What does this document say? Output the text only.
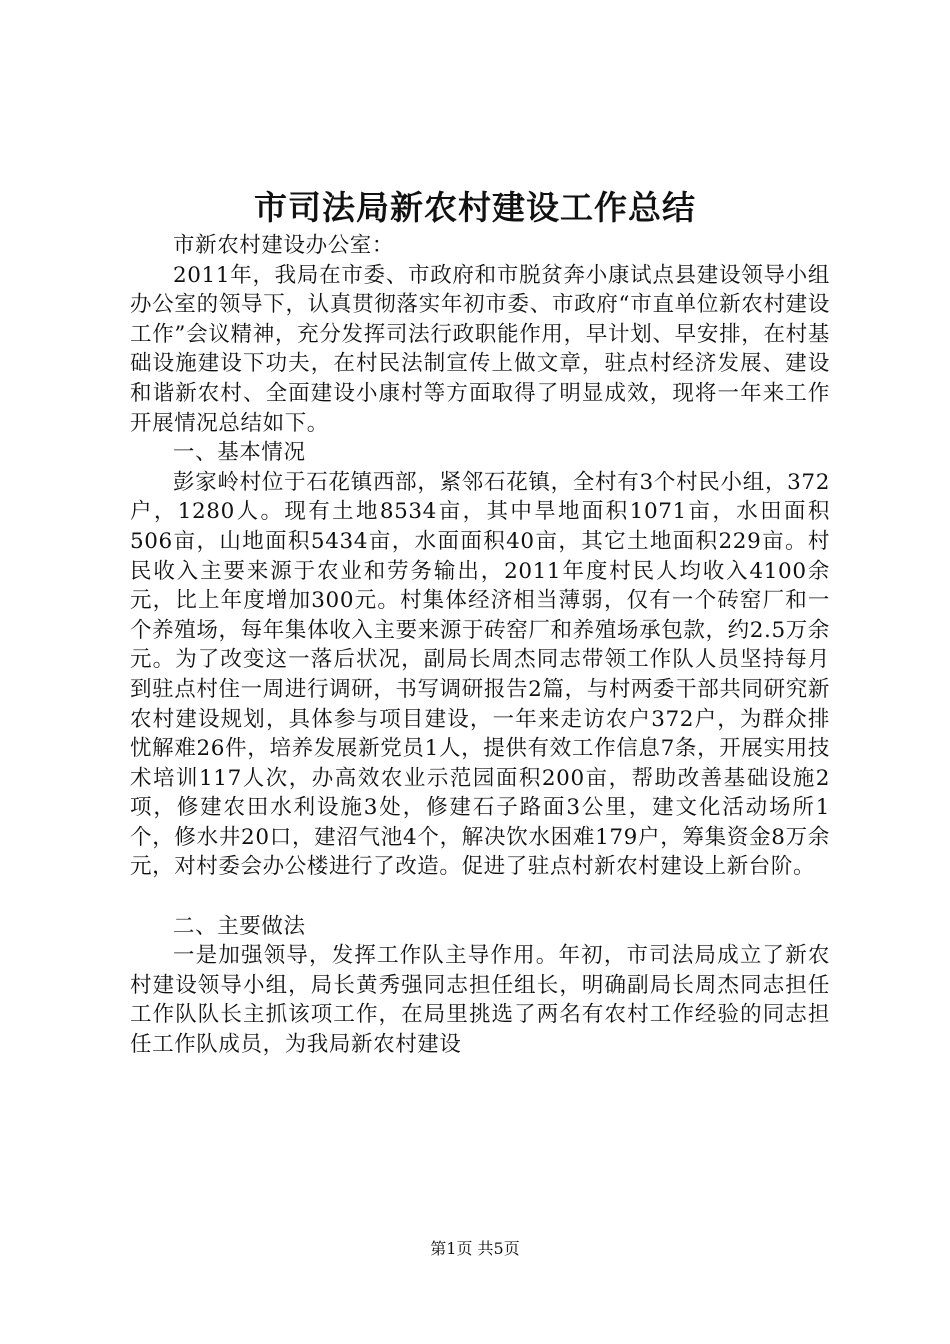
市司法局新农村建设工作总结

市新农村建设办公室：

2011年，我局在市委、市政府和市脱贫奔小康试点县建设领导小组办公室的领导下，认真贯彻落实年初市委、市政府“市直单位新农村建设工作”会议精神，充分发挥司法行政职能作用，早计划、早安排，在村基础设施建设下功夫，在村民法制宣传上做文章，驻点村经济发展、建设和谐新农村、全面建设小康村等方面取得了明显成效，现将一年来工作开展情况总结如下。

一、基本情况

彭家岭村位于石花镇西部，紧邻石花镇，全村有3个村民小组，372户，1280人。现有土地8534亩，其中旱地面积1071亩，水田面积506亩，山地面积5434亩，水面面积40亩，其它土地面积229亩。村民收入主要来源于农业和劳务输出，2011年度村民人均收入4100余元，比上年度增加300元。村集体经济相当薄弱，仅有一个砖窑厂和一个养殖场，每年集体收入主要来源于砖窑厂和养殖场承包款，约2.5万余元。为了改变这一落后状况，副局长周杰同志带领工作队人员坚持每月到驻点村住一周进行调研，书写调研报告2篇，与村两委干部共同研究新农村建设规划，具体参与项目建设，一年来走访农户372户，为群众排忧解难26件，培养发展新党员1人，提供有效工作信息7条，开展实用技术培训117人次，办高效农业示范园面积200亩，帮助改善基础设施2项，修建农田水利设施3处，修建石子路面3公里，建文化活动场所1个，修水井20口，建沼气池4个，解决饮水困难179户，筹集资金8万余元，对村委会办公楼进行了改造。促进了驻点村新农村建设上新台阶。

二、主要做法

一是加强领导，发挥工作队主导作用。年初，市司法局成立了新农村建设领导小组，局长黄秀强同志担任组长，明确副局长周杰同志担任工作队队长主抓该项工作，在局里挑选了两名有农村工作经验的同志担任工作队成员，为我局新农村建设

第1页 共5页
